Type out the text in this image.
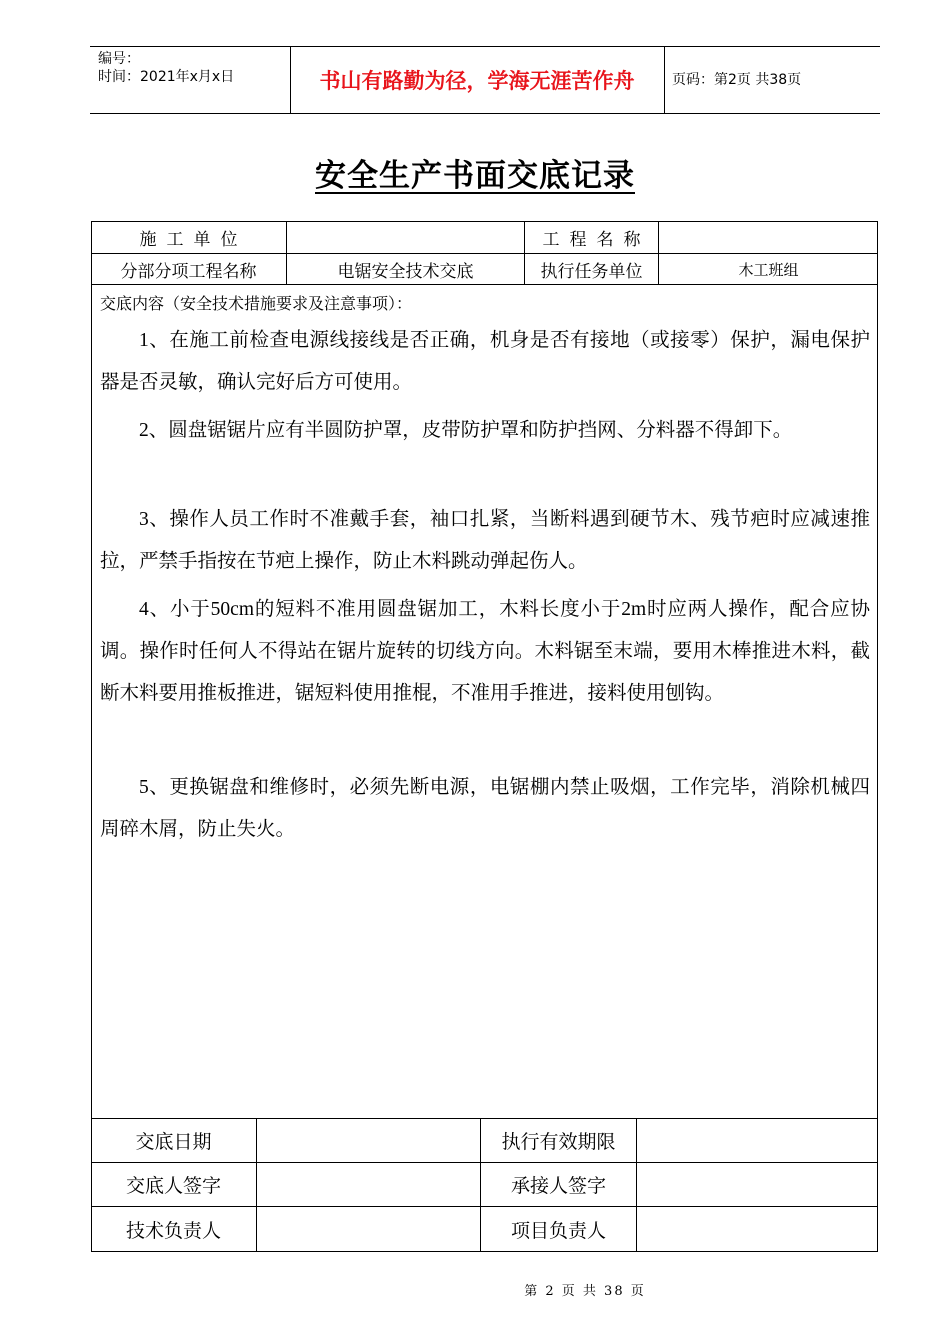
编号：
时间：2021年x月x日	书山有路勤为径，学海无涯苦作舟	页码：第2页 共38页
安全生产书面交底记录
施工单位	工程名称
分部分项工程名称	电锯安全技术交底	执行任务单位	木工班组
交底内容（安全技术措施要求及注意事项）：
1、在施工前检查电源线接线是否正确，机身是否有接地（或接零）保护，漏电保护器是否灵敏，确认完好后方可使用。
2、圆盘锯锯片应有半圆防护罩，皮带防护罩和防护挡网、分料器不得卸下。
3、操作人员工作时不准戴手套，袖口扎紧，当断料遇到硬节木、残节疤时应减速推拉，严禁手指按在节疤上操作，防止木料跳动弹起伤人。
4、小于50cm的短料不准用圆盘锯加工，木料长度小于2m时应两人操作，配合应协调。操作时任何人不得站在锯片旋转的切线方向。木料锯至末端，要用木棒推进木料，截断木料要用推板推进，锯短料使用推棍，不准用手推进，接料使用刨钩。
5、更换锯盘和维修时，必须先断电源，电锯棚内禁止吸烟，工作完毕，消除机械四周碎木屑，防止失火。
交底日期	执行有效期限
交底人签字	承接人签字
技术负责人	项目负责人
第 2 页 共 38 页
